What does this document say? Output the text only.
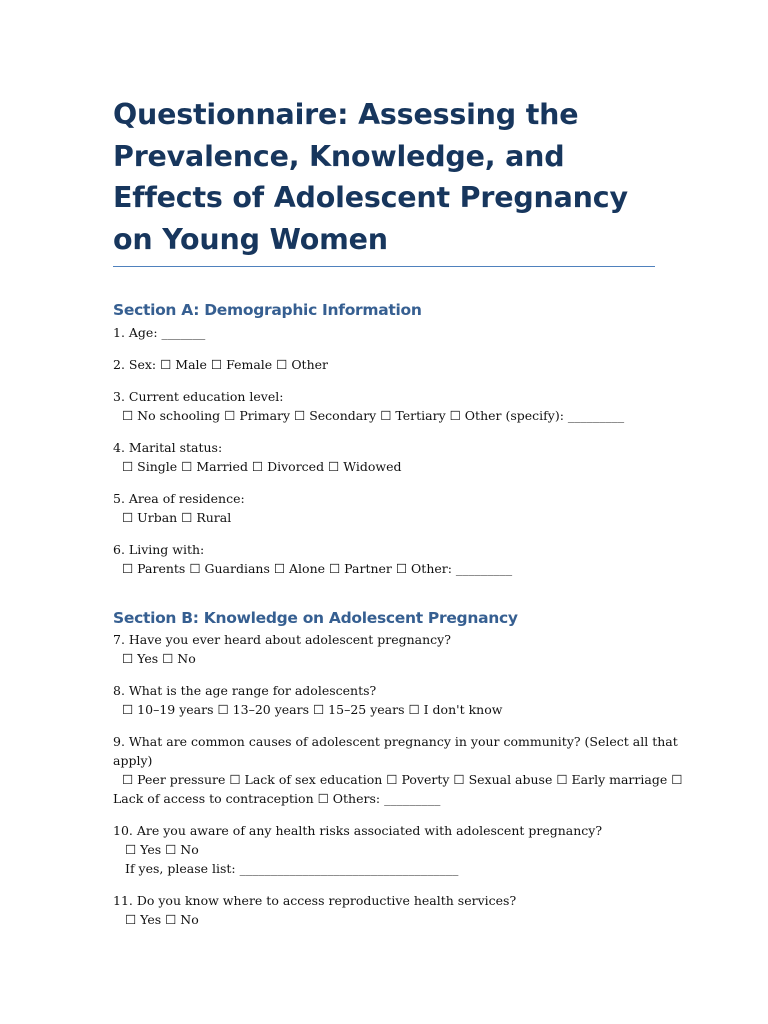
Questionnaire: Assessing the Prevalence, Knowledge, and Effects of Adolescent Pregnancy on Young Women
Section A: Demographic Information

1. Age: _______

2. Sex: ☐ Male ☐ Female ☐ Other

3. Current education level:
☐ No schooling ☐ Primary ☐ Secondary ☐ Tertiary ☐ Other (specify): _________

4. Marital status:
☐ Single ☐ Married ☐ Divorced ☐ Widowed

5. Area of residence:
☐ Urban ☐ Rural

6. Living with:
☐ Parents ☐ Guardians ☐ Alone ☐ Partner ☐ Other: _________

Section B: Knowledge on Adolescent Pregnancy

7. Have you ever heard about adolescent pregnancy?
☐ Yes ☐ No

8. What is the age range for adolescents?
☐ 10–19 years ☐ 13–20 years ☐ 15–25 years ☐ I don't know

9. What are common causes of adolescent pregnancy in your community? (Select all that
apply)
☐ Peer pressure ☐ Lack of sex education ☐ Poverty ☐ Sexual abuse ☐ Early marriage ☐
Lack of access to contraception ☐ Others: _________

10. Are you aware of any health risks associated with adolescent pregnancy?
☐ Yes ☐ No
If yes, please list: ___________________________________

11. Do you know where to access reproductive health services?
☐ Yes ☐ No
